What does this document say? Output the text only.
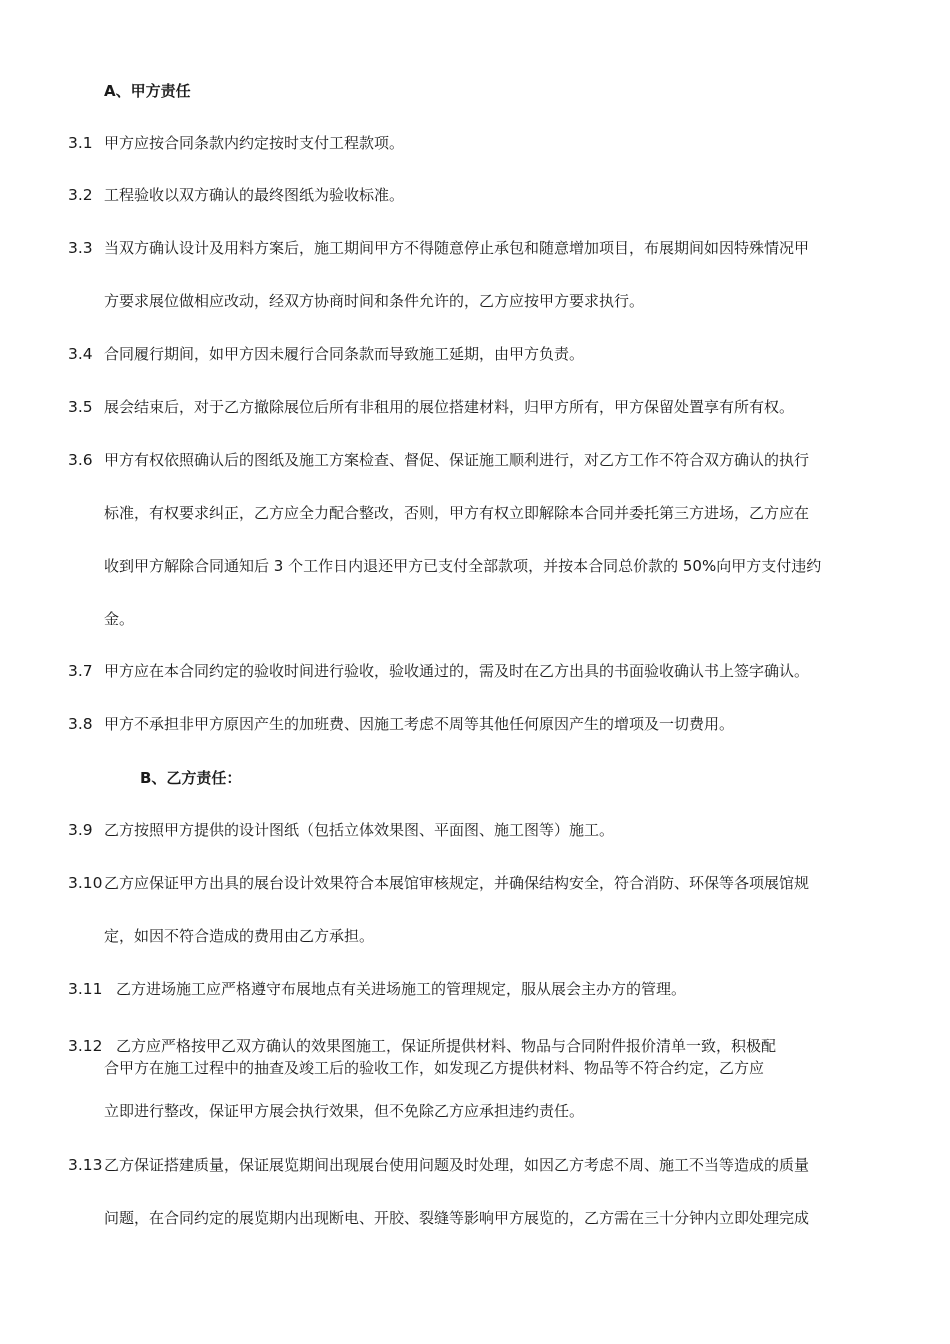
A、甲方责任
3.1 甲方应按合同条款内约定按时支付工程款项。
3.2 工程验收以双方确认的最终图纸为验收标准。
3.3 当双方确认设计及用料方案后，施工期间甲方不得随意停止承包和随意增加项目，布展期间如因特殊情况甲
方要求展位做相应改动，经双方协商时间和条件允许的，乙方应按甲方要求执行。
3.4 合同履行期间，如甲方因未履行合同条款而导致施工延期，由甲方负责。
3.5 展会结束后，对于乙方撤除展位后所有非租用的展位搭建材料，归甲方所有，甲方保留处置享有所有权。
3.6 甲方有权依照确认后的图纸及施工方案检查、督促、保证施工顺利进行，对乙方工作不符合双方确认的执行
标准，有权要求纠正，乙方应全力配合整改，否则，甲方有权立即解除本合同并委托第三方进场，乙方应在
收到甲方解除合同通知后 3 个工作日内退还甲方已支付全部款项，并按本合同总价款的 50%向甲方支付违约
金。
3.7 甲方应在本合同约定的验收时间进行验收，验收通过的，需及时在乙方出具的书面验收确认书上签字确认。
3.8 甲方不承担非甲方原因产生的加班费、因施工考虑不周等其他任何原因产生的增项及一切费用。
B、乙方责任：
3.9 乙方按照甲方提供的设计图纸（包括立体效果图、平面图、施工图等）施工。
3.10 乙方应保证甲方出具的展台设计效果符合本展馆审核规定，并确保结构安全，符合消防、环保等各项展馆规
定，如因不符合造成的费用由乙方承担。
3.11 乙方进场施工应严格遵守布展地点有关进场施工的管理规定，服从展会主办方的管理。
3.12 乙方应严格按甲乙双方确认的效果图施工，保证所提供材料、物品与合同附件报价清单一致，积极配
合甲方在施工过程中的抽查及竣工后的验收工作，如发现乙方提供材料、物品等不符合约定，乙方应
立即进行整改，保证甲方展会执行效果，但不免除乙方应承担违约责任。
3.13 乙方保证搭建质量，保证展览期间出现展台使用问题及时处理，如因乙方考虑不周、施工不当等造成的质量
问题，在合同约定的展览期内出现断电、开胶、裂缝等影响甲方展览的，乙方需在三十分钟内立即处理完成
